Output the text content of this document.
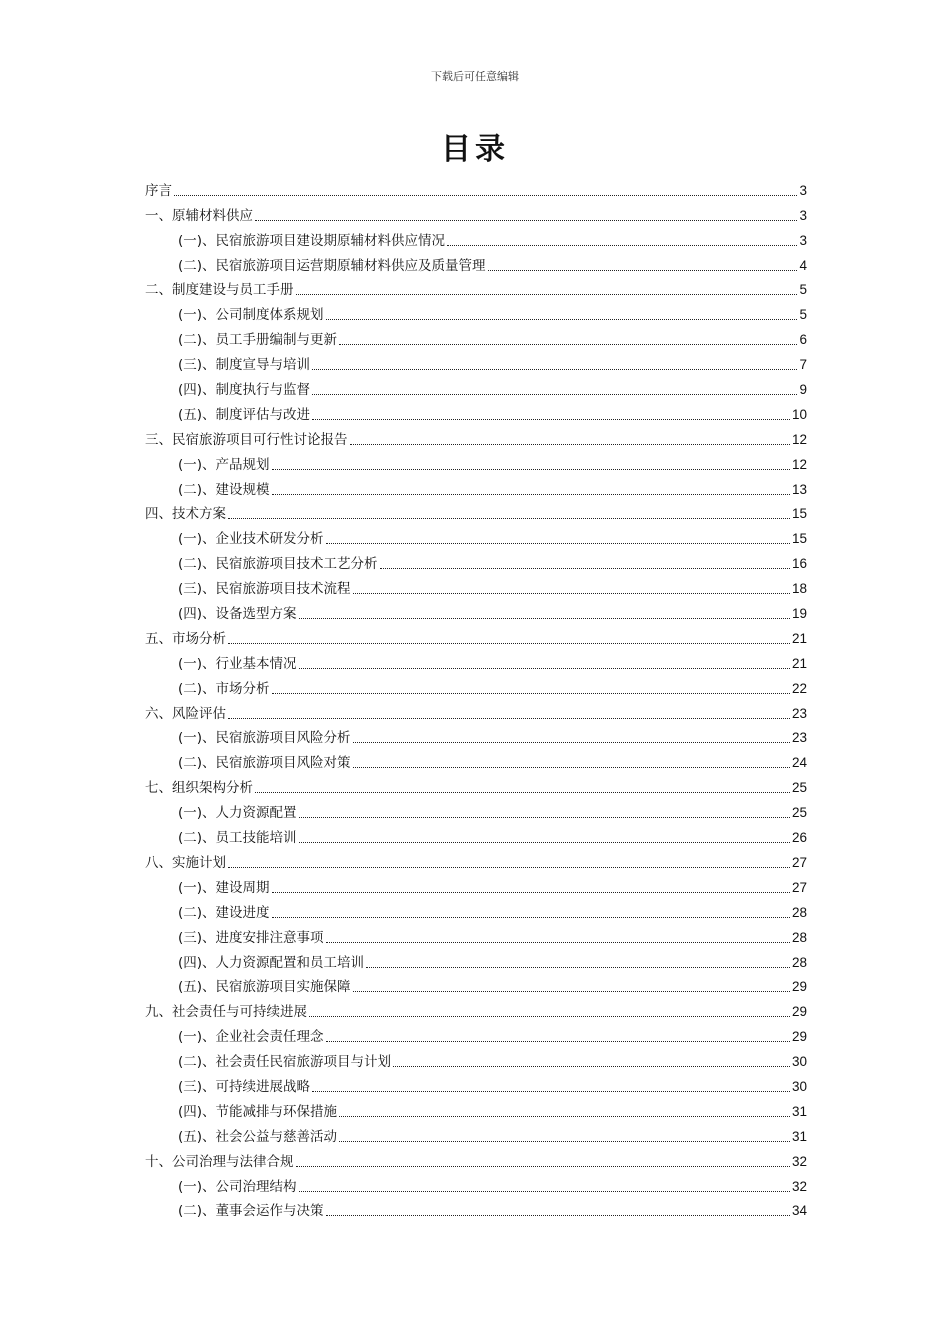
下载后可任意编辑
目录
序言	3
一、原辅材料供应	3
(一)、民宿旅游项目建设期原辅材料供应情况	3
(二)、民宿旅游项目运营期原辅材料供应及质量管理	4
二、制度建设与员工手册	5
(一)、公司制度体系规划	5
(二)、员工手册编制与更新	6
(三)、制度宣导与培训	7
(四)、制度执行与监督	9
(五)、制度评估与改进	10
三、民宿旅游项目可行性讨论报告	12
(一)、产品规划	12
(二)、建设规模	13
四、技术方案	15
(一)、企业技术研发分析	15
(二)、民宿旅游项目技术工艺分析	16
(三)、民宿旅游项目技术流程	18
(四)、设备选型方案	19
五、市场分析	21
(一)、行业基本情况	21
(二)、市场分析	22
六、风险评估	23
(一)、民宿旅游项目风险分析	23
(二)、民宿旅游项目风险对策	24
七、组织架构分析	25
(一)、人力资源配置	25
(二)、员工技能培训	26
八、实施计划	27
(一)、建设周期	27
(二)、建设进度	28
(三)、进度安排注意事项	28
(四)、人力资源配置和员工培训	28
(五)、民宿旅游项目实施保障	29
九、社会责任与可持续进展	29
(一)、企业社会责任理念	29
(二)、社会责任民宿旅游项目与计划	30
(三)、可持续进展战略	30
(四)、节能减排与环保措施	31
(五)、社会公益与慈善活动	31
十、公司治理与法律合规	32
(一)、公司治理结构	32
(二)、董事会运作与决策	34
